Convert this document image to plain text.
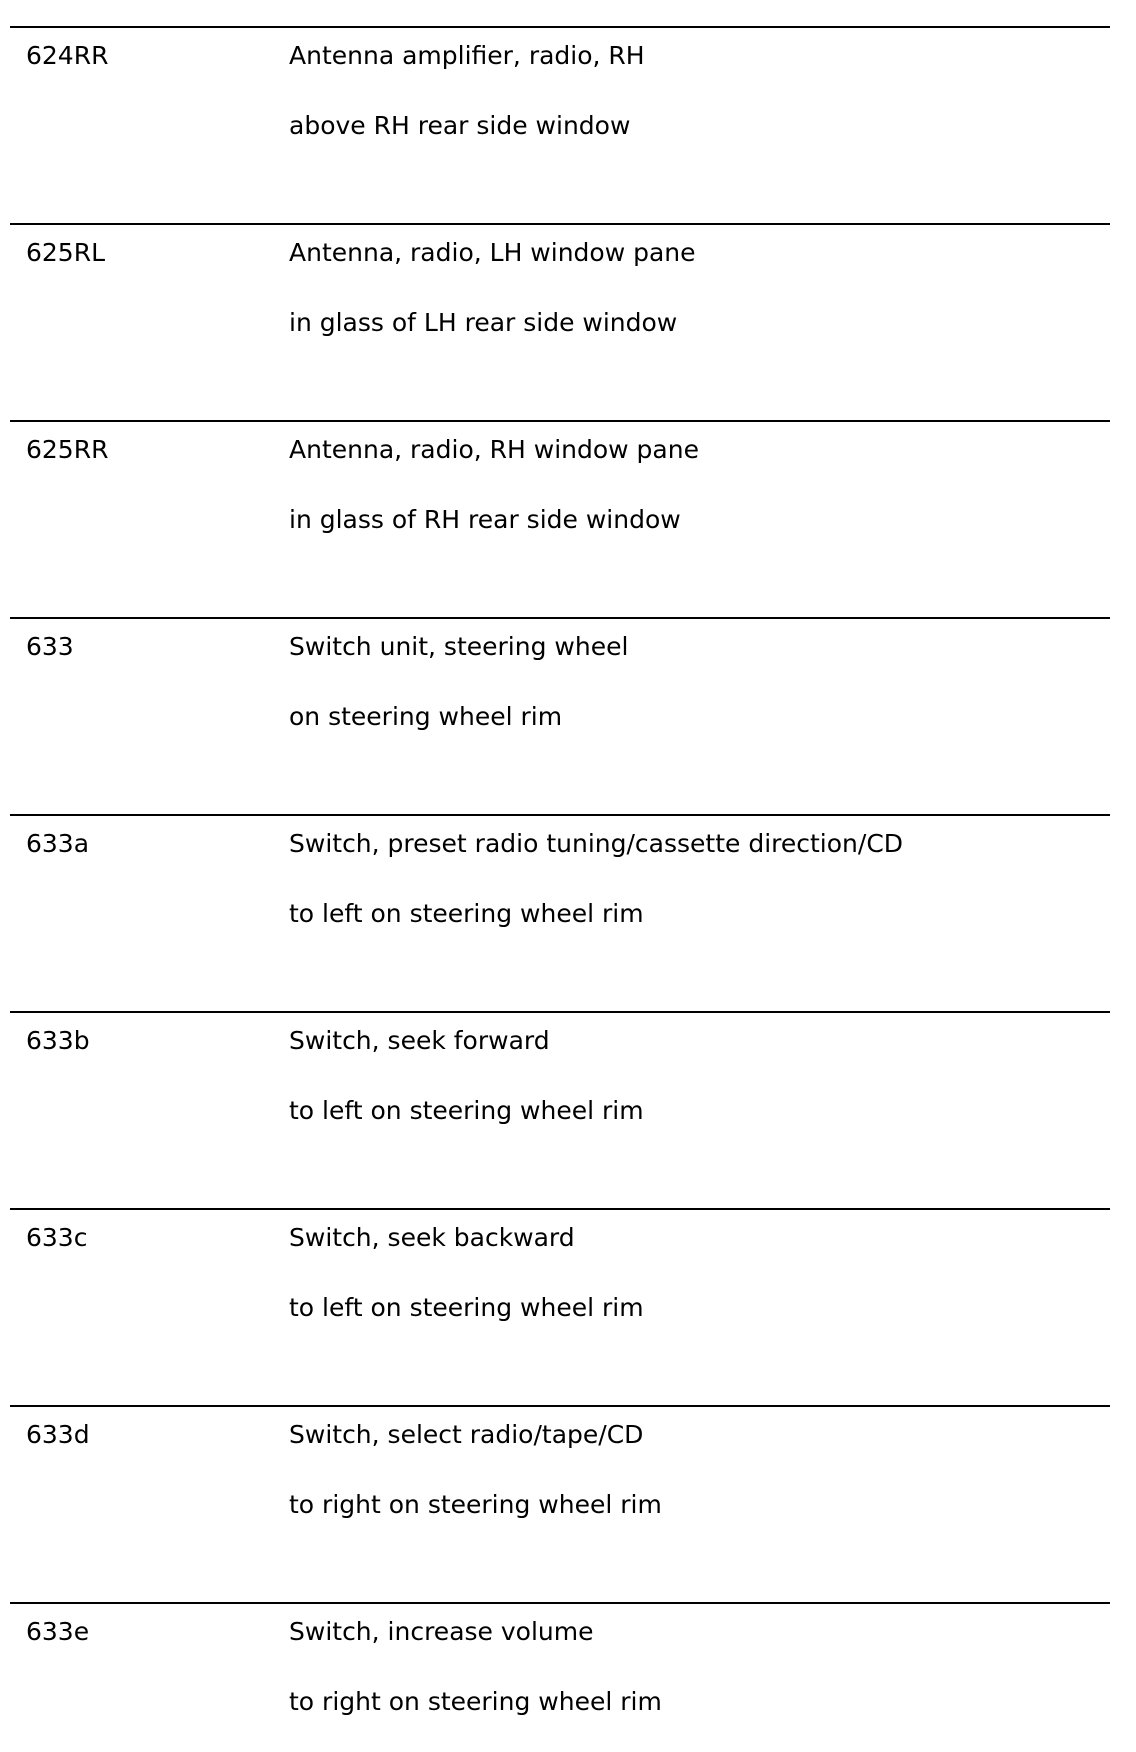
624RR	Antenna amplifier, radio, RH
above RH rear side window
625RL	Antenna, radio, LH window pane
in glass of LH rear side window
625RR	Antenna, radio, RH window pane
in glass of RH rear side window
633	Switch unit, steering wheel
on steering wheel rim
633a	Switch, preset radio tuning/cassette direction/CD
to left on steering wheel rim
633b	Switch, seek forward
to left on steering wheel rim
633c	Switch, seek backward
to left on steering wheel rim
633d	Switch, select radio/tape/CD
to right on steering wheel rim
633e	Switch, increase volume
to right on steering wheel rim
